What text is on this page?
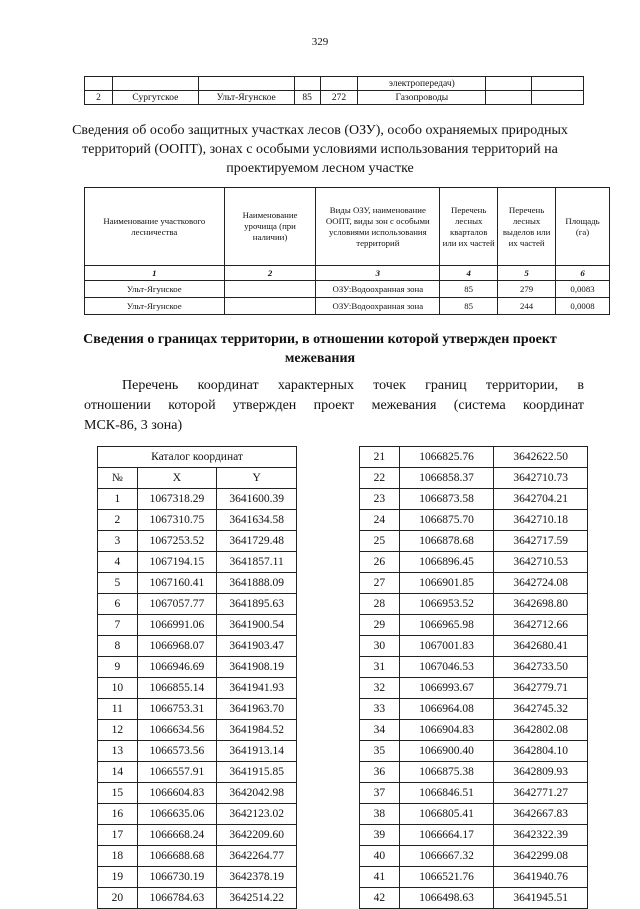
329
					электропередач)		
2	Сургутское	Ульт-Ягунское	85	272	Газопроводы		
Сведения об особо защитных участках лесов (ОЗУ), особо охраняемых природных территорий (ООПТ), зонах с особыми условиями использования территорий на проектируемом лесном участке
Наименование участкового лесничества	Наименование урочища (при наличии)	Виды ОЗУ, наименование ООПТ, виды зон с особыми условиями использования территорий	Перечень лесных кварталов или их частей	Перечень лесных выделов или их частей	Площадь (га)
1	2	3	4	5	6
Ульт-Ягунское		ОЗУ:Водоохранная зона	85	279	0,0083
Ульт-Ягунское		ОЗУ:Водоохранная зона	85	244	0,0008
Сведения о границах территории, в отношении которой утвержден проект межевания
Перечень координат характерных точек границ территории, в
отношении которой утвержден проект межевания (система координат
МСК-86, 3 зона)
Каталог координат		
№	X	Y
1	1067318.29	3641600.39
2	1067310.75	3641634.58
3	1067253.52	3641729.48
4	1067194.15	3641857.11
5	1067160.41	3641888.09
6	1067057.77	3641895.63
7	1066991.06	3641900.54
8	1066968.07	3641903.47
9	1066946.69	3641908.19
10	1066855.14	3641941.93
11	1066753.31	3641963.70
12	1066634.56	3641984.52
13	1066573.56	3641913.14
14	1066557.91	3641915.85
15	1066604.83	3642042.98
16	1066635.06	3642123.02
17	1066668.24	3642209.60
18	1066688.68	3642264.77
19	1066730.19	3642378.19
20	1066784.63	3642514.22
21	1066825.76	3642622.50
22	1066858.37	3642710.73
23	1066873.58	3642704.21
24	1066875.70	3642710.18
25	1066878.68	3642717.59
26	1066896.45	3642710.53
27	1066901.85	3642724.08
28	1066953.52	3642698.80
29	1066965.98	3642712.66
30	1067001.83	3642680.41
31	1067046.53	3642733.50
32	1066993.67	3642779.71
33	1066964.08	3642745.32
34	1066904.83	3642802.08
35	1066900.40	3642804.10
36	1066875.38	3642809.93
37	1066846.51	3642771.27
38	1066805.41	3642667.83
39	1066664.17	3642322.39
40	1066667.32	3642299.08
41	1066521.76	3641940.76
42	1066498.63	3641945.51
